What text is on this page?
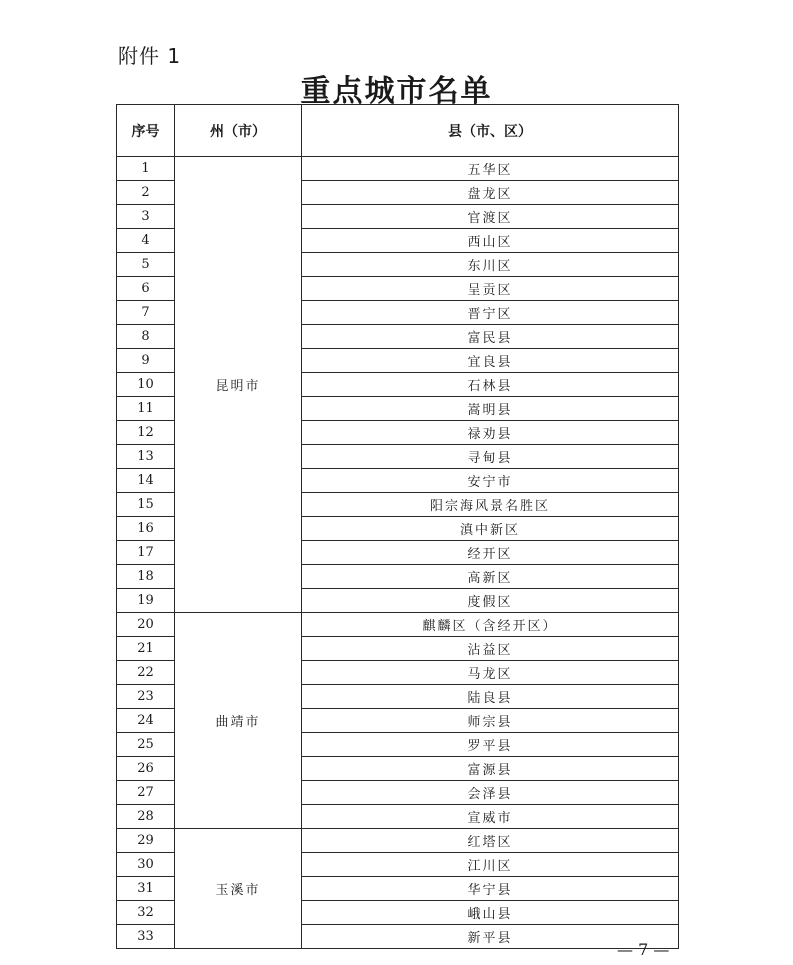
附件 1
重点城市名单
序号	州（市）	县（市、区）
1	昆明市	五华区
2		盘龙区
3		官渡区
4		西山区
5		东川区
6		呈贡区
7		晋宁区
8		富民县
9		宜良县
10		石林县
11		嵩明县
12		禄劝县
13		寻甸县
14		安宁市
15		阳宗海风景名胜区
16		滇中新区
17		经开区
18		高新区
19		度假区
20	曲靖市	麒麟区（含经开区）
21		沾益区
22		马龙区
23		陆良县
24		师宗县
25		罗平县
26		富源县
27		会泽县
28		宣威市
29	玉溪市	红塔区
30		江川区
31		华宁县
32		峨山县
33		新平县
— 7 —
